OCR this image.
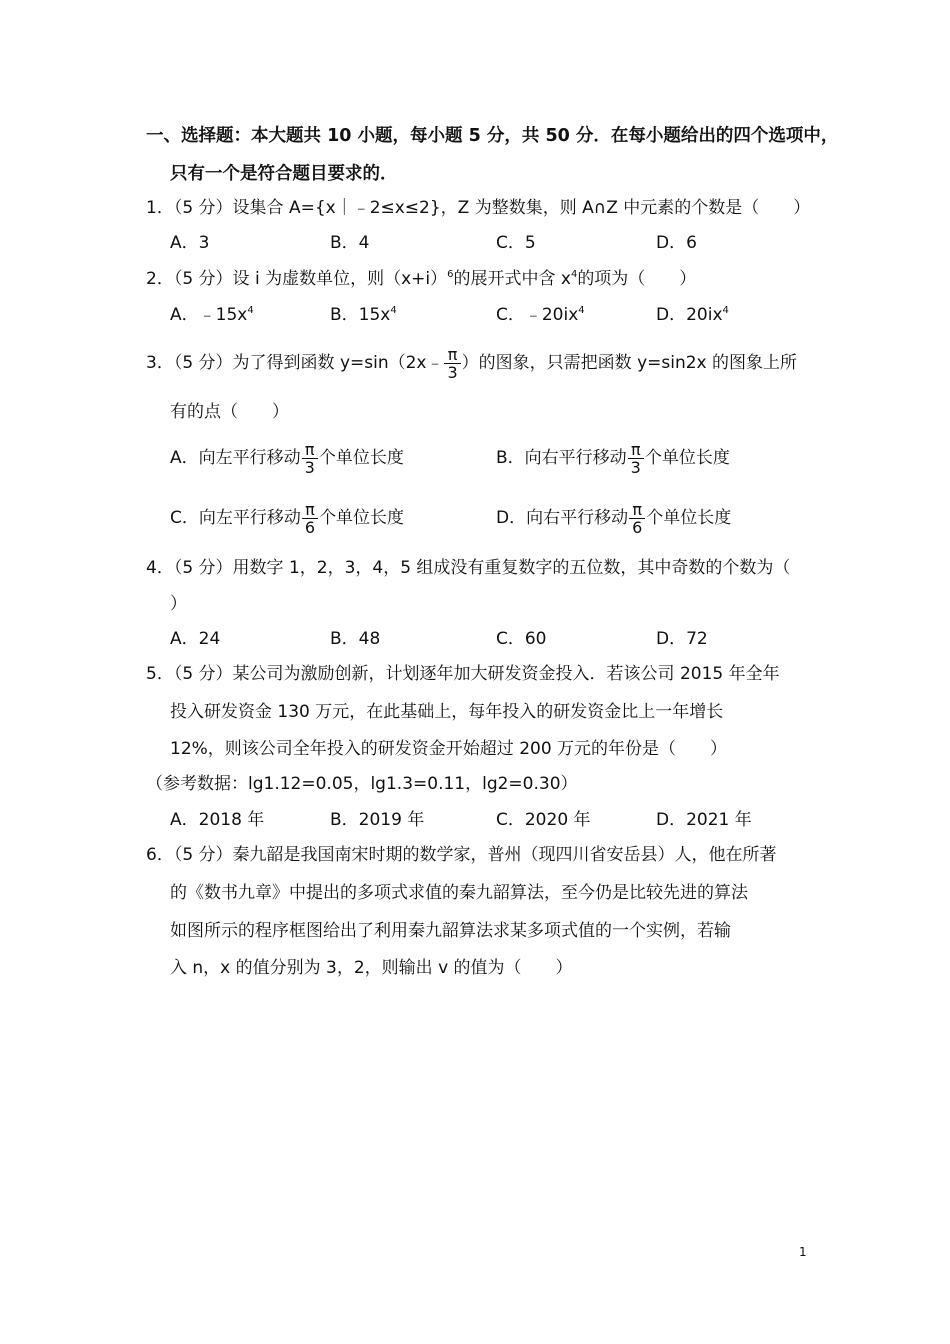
一、选择题：本大题共 10 小题，每小题 5 分，共 50 分．在每小题给出的四个选项中，
只有一个是符合题目要求的．
1．（5 分）设集合 A={x｜﹣2≤x≤2}，Z 为整数集，则 A∩Z 中元素的个数是（　　）
A．3	B．4	C．5	D．6
2．（5 分）设 i 为虚数单位，则$(x+i)^6$的展开式中含 $x^4$的项为（　　）
A．$﹣15x^4$	B．$15x^4$	C．$﹣20ix^4$	D．$20ix^4$
3．（5 分）为了得到函数 y=sin（2x﹣ $\frac{\pi}{3}$ ）的图象，只需把函数 y=sin2x 的图象上所
有的点（　　）
A．向左平行移动 $\frac{\pi}{3}$ 个单位长度	B．向右平行移动 $\frac{\pi}{3}$ 个单位长度
C．向左平行移动 $\frac{\pi}{6}$ 个单位长度	D．向右平行移动 $\frac{\pi}{6}$ 个单位长度
4．（5 分）用数字 1，2，3，4，5 组成没有重复数字的五位数，其中奇数的个数为（
）
A．24	B．48	C．60	D．72
5．（5 分）某公司为激励创新，计划逐年加大研发资金投入．若该公司 2015 年全年
投入研发资金 130 万元，在此基础上，每年投入的研发资金比上一年增长
12%，则该公司全年投入的研发资金开始超过 200 万元的年份是（　　）
（参考数据：lg1.12=0.05，lg1.3=0.11，lg2=0.30）
A．2018 年	B．2019 年	C．2020 年	D．2021 年
6．（5 分）秦九韶是我国南宋时期的数学家，普州（现四川省安岳县）人，他在所著
的《数书九章》中提出的多项式求值的秦九韶算法，至今仍是比较先进的算法
如图所示的程序框图给出了利用秦九韶算法求某多项式值的一个实例，若输
入 n，x 的值分别为 3，2，则输出 v 的值为（　　）
1
